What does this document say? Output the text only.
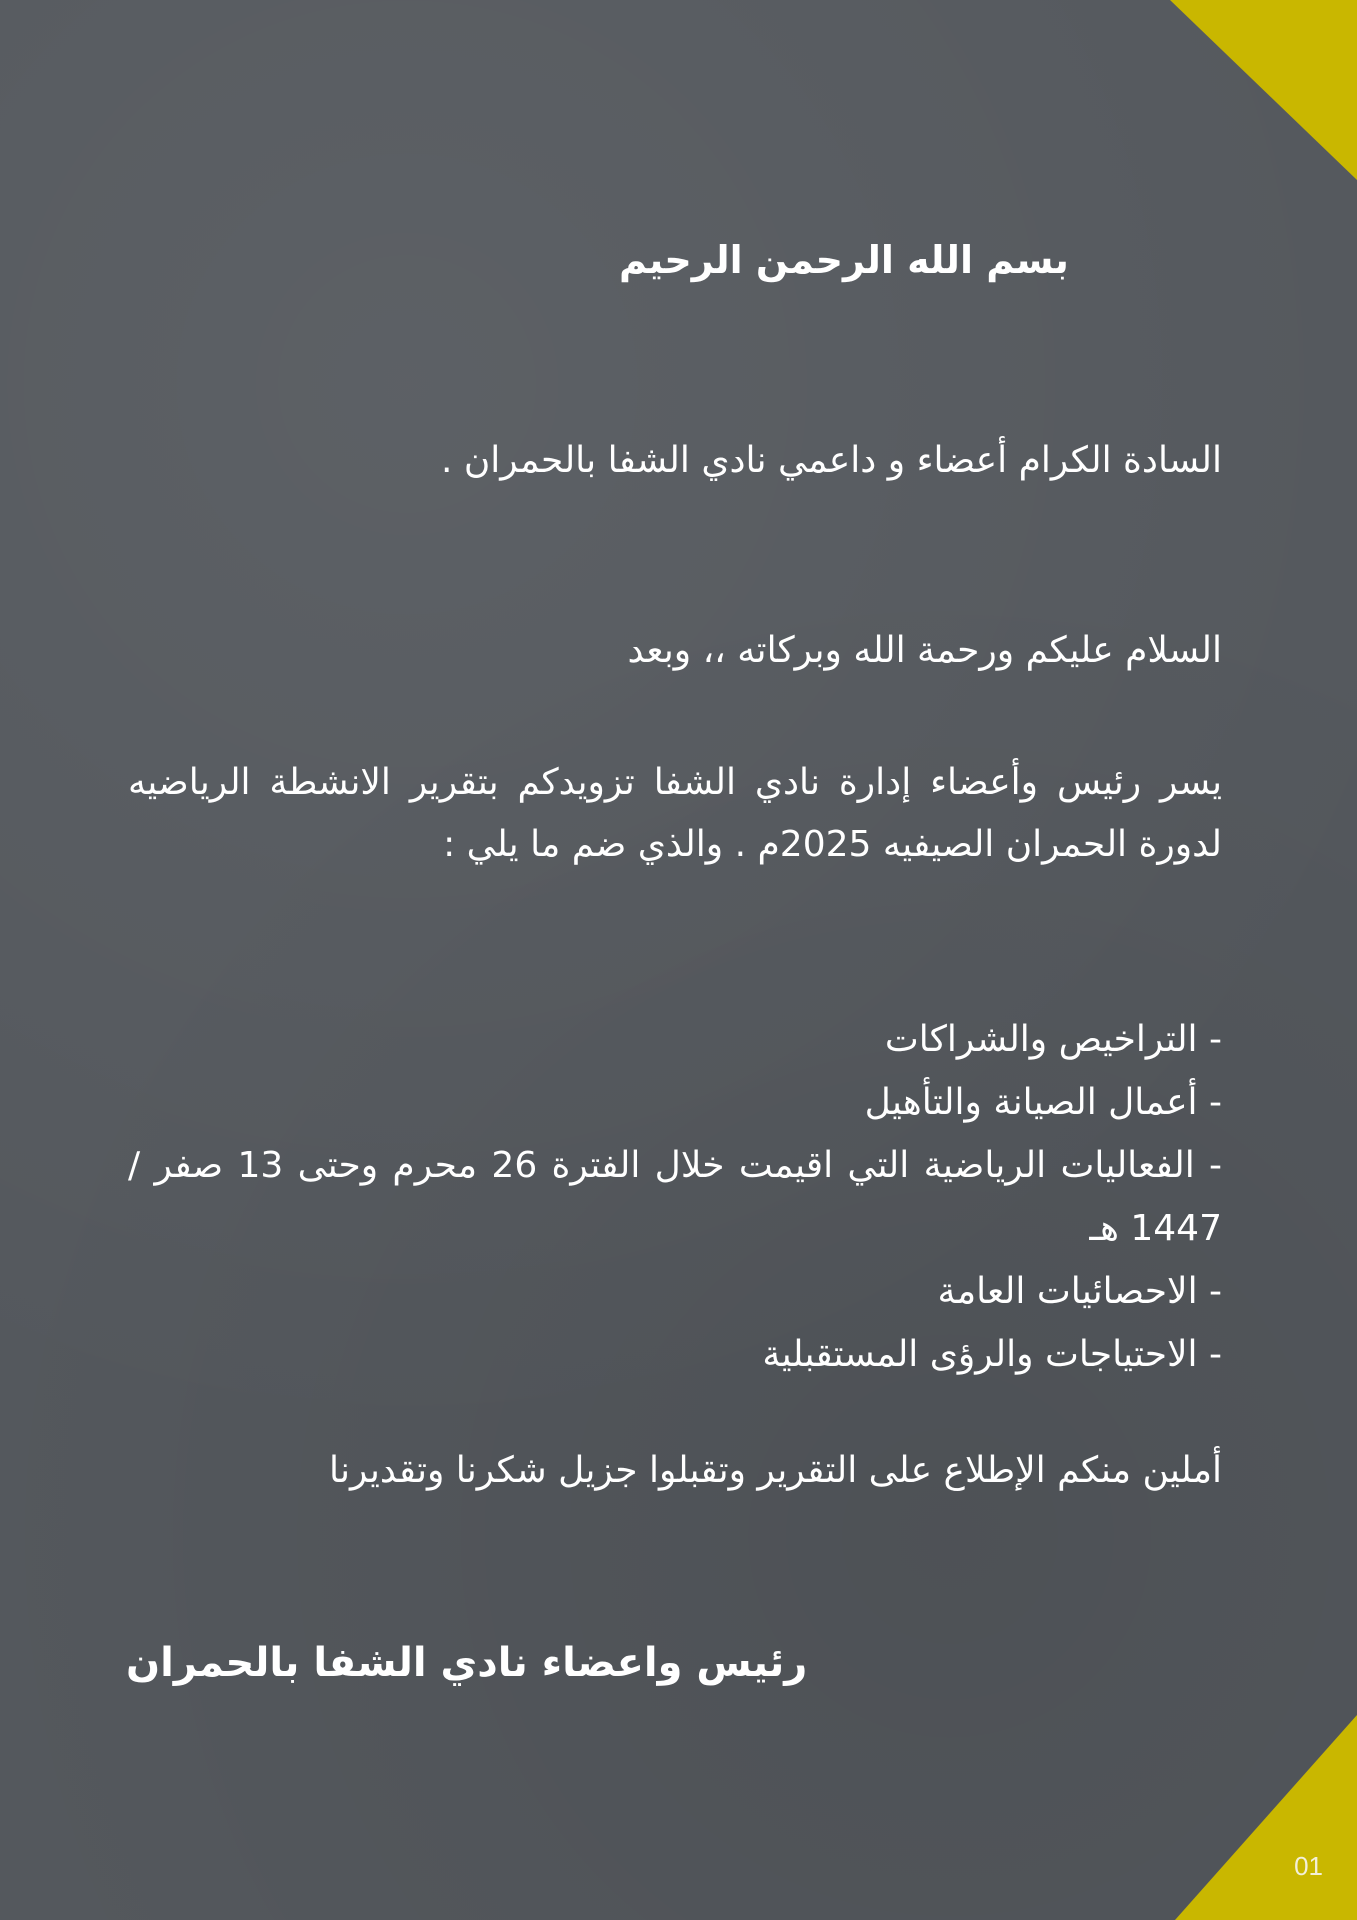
بسم الله الرحمن الرحيم
السادة الكرام أعضاء و داعمي نادي الشفا بالحمران .
السلام عليكم ورحمة الله وبركاته ،، وبعد
يسر رئيس وأعضاء إدارة نادي الشفا تزويدكم بتقرير الانشطة الرياضيه لدورة الحمران الصيفيه 2025م . والذي ضم ما يلي :
- التراخيص والشراكات
- أعمال الصيانة والتأهيل
- الفعاليات الرياضية التي اقيمت خلال الفترة 26 محرم وحتى 13 صفر / 1447 هـ
- الاحصائيات العامة
- الاحتياجات والرؤى المستقبلية
أملين منكم الإطلاع على التقرير وتقبلوا جزيل شكرنا وتقديرنا
رئيس واعضاء نادي الشفا بالحمران
01
